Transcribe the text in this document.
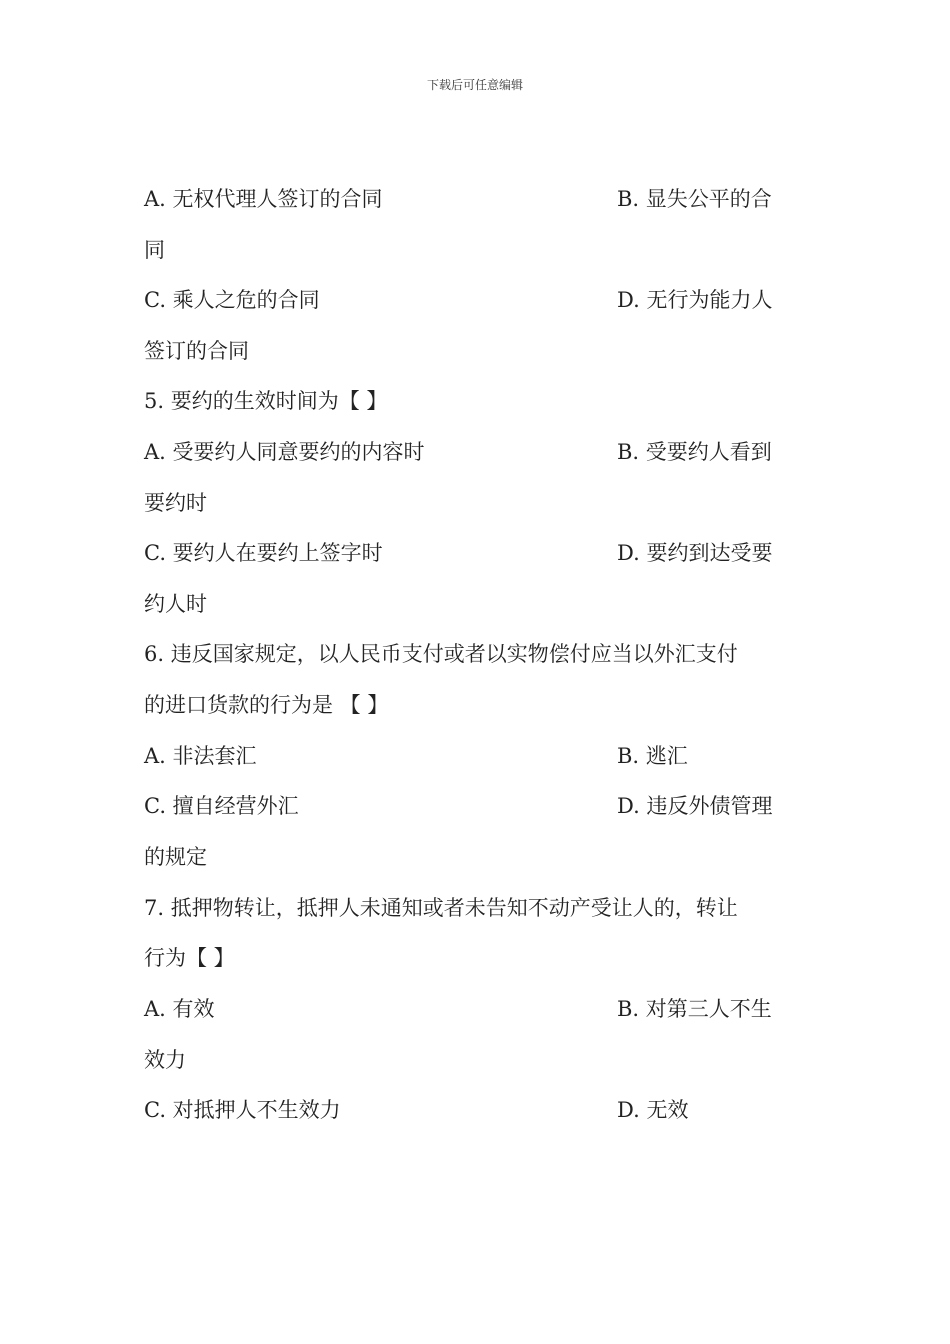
下载后可任意编辑
A. 无权代理人签订的合同	B. 显失公平的合
同
C. 乘人之危的合同	D. 无行为能力人
签订的合同
5. 要约的生效时间为【 】
A. 受要约人同意要约的内容时	B. 受要约人看到
要约时
C. 要约人在要约上签字时	D. 要约到达受要
约人时
6. 违反国家规定，以人民币支付或者以实物偿付应当以外汇支付
的进口货款的行为是 【 】
A. 非法套汇	B. 逃汇
C. 擅自经营外汇	D. 违反外债管理
的规定
7. 抵押物转让，抵押人未通知或者未告知不动产受让人的，转让
行为【 】
A. 有效	B. 对第三人不生
效力
C. 对抵押人不生效力	D. 无效
